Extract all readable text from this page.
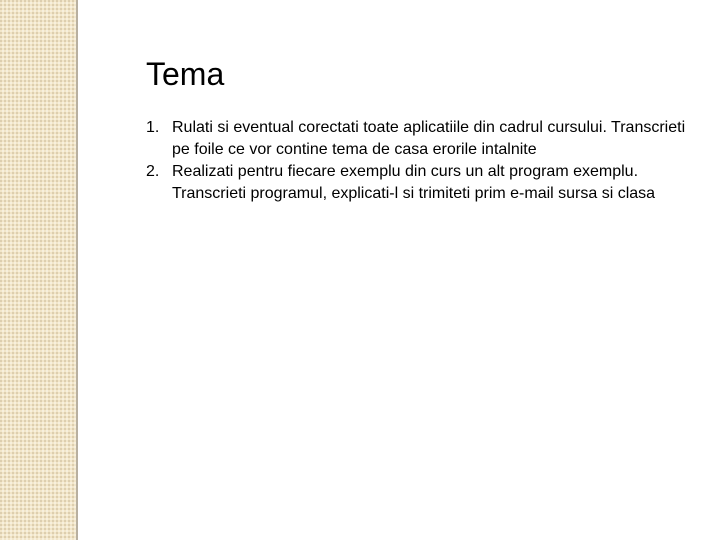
Tema
1. Rulati si eventual corectati toate aplicatiile din cadrul cursului. Transcrieti pe foile ce vor contine tema de casa erorile intalnite
2. Realizati pentru fiecare exemplu din curs un alt program exemplu. Transcrieti programul, explicati-l si trimiteti prim e-mail sursa si clasa
